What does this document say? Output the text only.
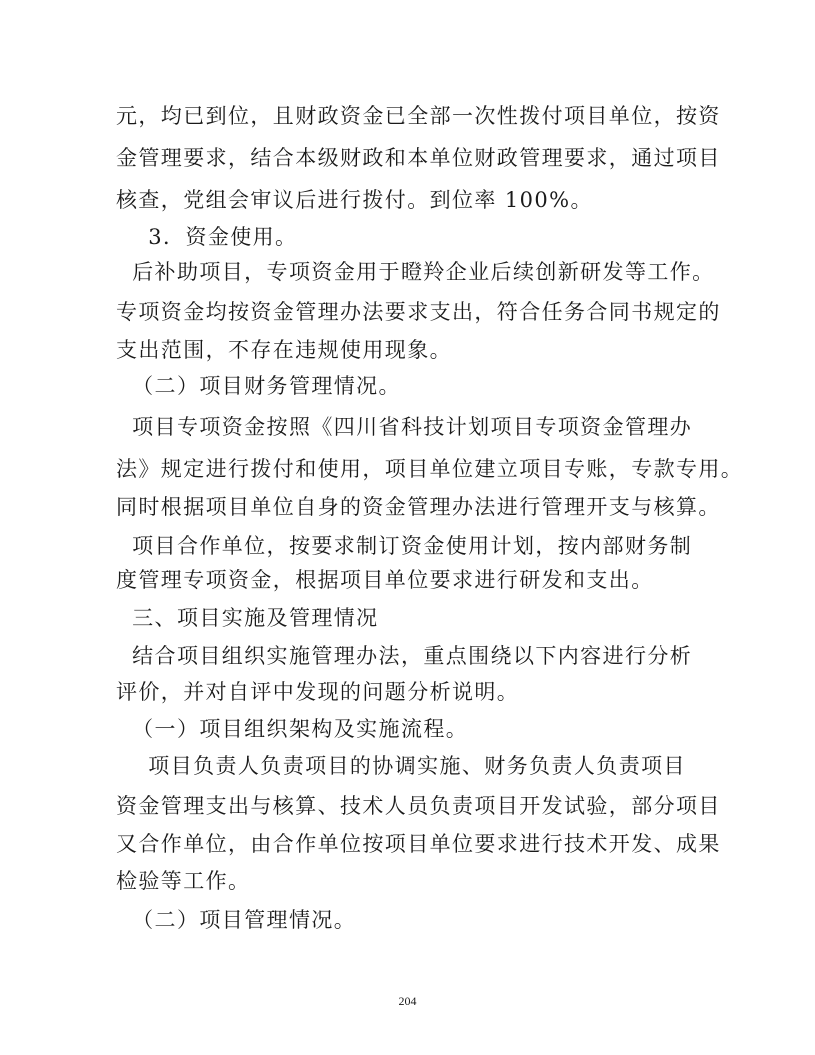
元，均已到位，且财政资金已全部一次性拨付项目单位，按资
金管理要求，结合本级财政和本单位财政管理要求，通过项目
核查，党组会审议后进行拨付。到位率 100%。
3．资金使用。
后补助项目，专项资金用于瞪羚企业后续创新研发等工作。
专项资金均按资金管理办法要求支出，符合任务合同书规定的
支出范围，不存在违规使用现象。
（二）项目财务管理情况。
项目专项资金按照《四川省科技计划项目专项资金管理办
法》规定进行拨付和使用，项目单位建立项目专账，专款专用。
同时根据项目单位自身的资金管理办法进行管理开支与核算。
项目合作单位，按要求制订资金使用计划，按内部财务制
度管理专项资金，根据项目单位要求进行研发和支出。
三、项目实施及管理情况
结合项目组织实施管理办法，重点围绕以下内容进行分析
评价，并对自评中发现的问题分析说明。
（一）项目组织架构及实施流程。
项目负责人负责项目的协调实施、财务负责人负责项目
资金管理支出与核算、技术人员负责项目开发试验，部分项目
又合作单位，由合作单位按项目单位要求进行技术开发、成果
检验等工作。
（二）项目管理情况。
204
